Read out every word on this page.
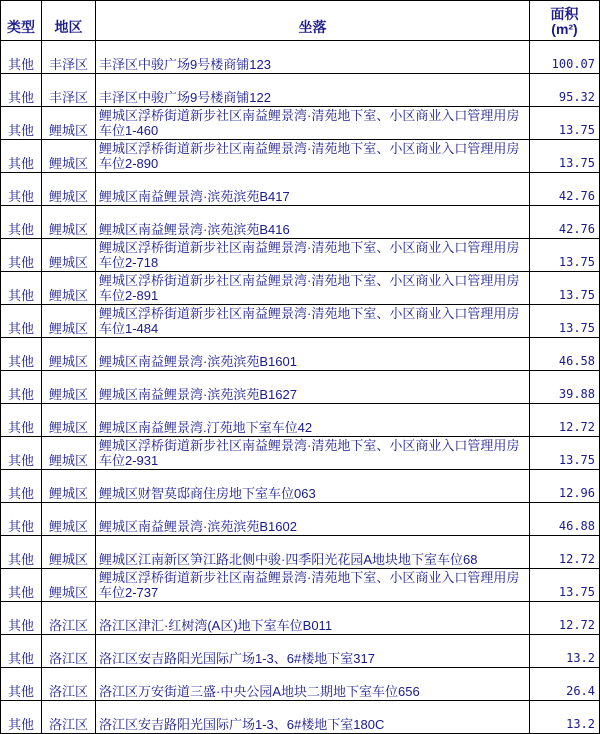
类型	地区	坐落	面积
(m²)
其他	丰泽区	丰泽区中骏广场9号楼商铺123	100.07
其他	丰泽区	丰泽区中骏广场9号楼商铺122	95.32
其他	鲤城区	鲤城区浮桥街道新步社区南益鲤景湾·清苑地下室、小区商业入口管理用房车位1-460	13.75
其他	鲤城区	鲤城区浮桥街道新步社区南益鲤景湾·清苑地下室、小区商业入口管理用房车位2-890	13.75
其他	鲤城区	鲤城区南益鲤景湾·滨苑滨苑B417	42.76
其他	鲤城区	鲤城区南益鲤景湾·滨苑滨苑B416	42.76
其他	鲤城区	鲤城区浮桥街道新步社区南益鲤景湾·清苑地下室、小区商业入口管理用房车位2-718	13.75
其他	鲤城区	鲤城区浮桥街道新步社区南益鲤景湾·清苑地下室、小区商业入口管理用房车位2-891	13.75
其他	鲤城区	鲤城区浮桥街道新步社区南益鲤景湾·清苑地下室、小区商业入口管理用房车位1-484	13.75
其他	鲤城区	鲤城区南益鲤景湾·滨苑滨苑B1601	46.58
其他	鲤城区	鲤城区南益鲤景湾·滨苑滨苑B1627	39.88
其他	鲤城区	鲤城区南益鲤景湾.汀苑地下室车位42	12.72
其他	鲤城区	鲤城区浮桥街道新步社区南益鲤景湾·清苑地下室、小区商业入口管理用房车位2-931	13.75
其他	鲤城区	鲤城区财智莫邸商住房地下室车位063	12.96
其他	鲤城区	鲤城区南益鲤景湾·滨苑滨苑B1602	46.88
其他	鲤城区	鲤城区江南新区笋江路北侧中骏·四季阳光花园A地块地下室车位68	12.72
其他	鲤城区	鲤城区浮桥街道新步社区南益鲤景湾·清苑地下室、小区商业入口管理用房车位2-737	13.75
其他	洛江区	洛江区津汇·红树湾(A区)地下室车位B011	12.72
其他	洛江区	洛江区安吉路阳光国际广场1-3、6#楼地下室317	13.2
其他	洛江区	洛江区万安街道三盛·中央公园A地块二期地下室车位656	26.4
其他	洛江区	洛江区安吉路阳光国际广场1-3、6#楼地下室180C	13.2
